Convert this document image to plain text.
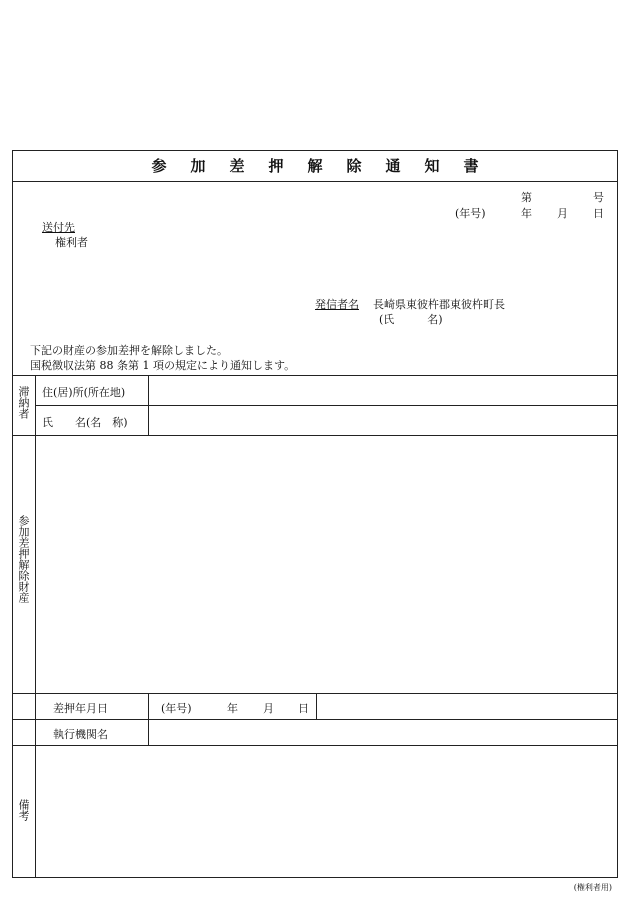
参加差押解除通知書
第	号
(年号)	年 月 日
送付先
権利者
発信者名 長崎県東彼杵郡東彼杵町長
(氏　　　名)
下記の財産の参加差押を解除しました。
国税徴収法第 88 条第 1 項の規定により通知します。
滞納者 住(居)所(所在地)
氏　　名(名　称)
参加差押解除財産
差押年月日	(年号)	年 月 日
執行機関名
備考
(権利者用)
